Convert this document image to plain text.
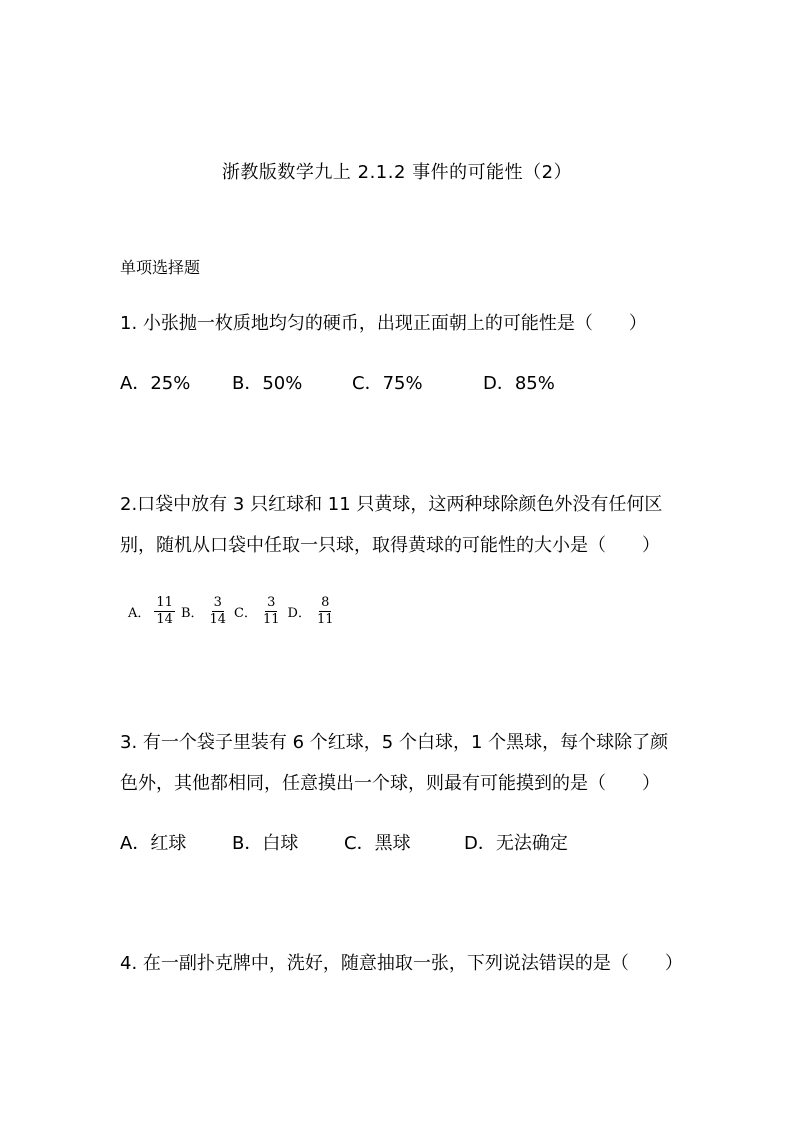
浙教版数学九上 2.1.2 事件的可能性（2）
单项选择题
1. 小张抛一枚质地均匀的硬币，出现正面朝上的可能性是（　　）
A．25% B．50%	C．75%	D．85%
2.口袋中放有 3 只红球和 11 只黄球，这两种球除颜色外没有任何区
别，随机从口袋中任取一只球，取得黄球的可能性的大小是（　　）
A． $\frac{11}{14}$ B． $\frac{3}{14}$ C． $\frac{3}{11}$ D． $\frac{8}{11}$
3. 有一个袋子里装有 6 个红球，5 个白球，1 个黑球，每个球除了颜
色外，其他都相同，任意摸出一个球，则最有可能摸到的是（　　）
A．红球	B．白球	C．黑球	D．无法确定
4. 在一副扑克牌中，洗好，随意抽取一张，下列说法错误的是（　　）
